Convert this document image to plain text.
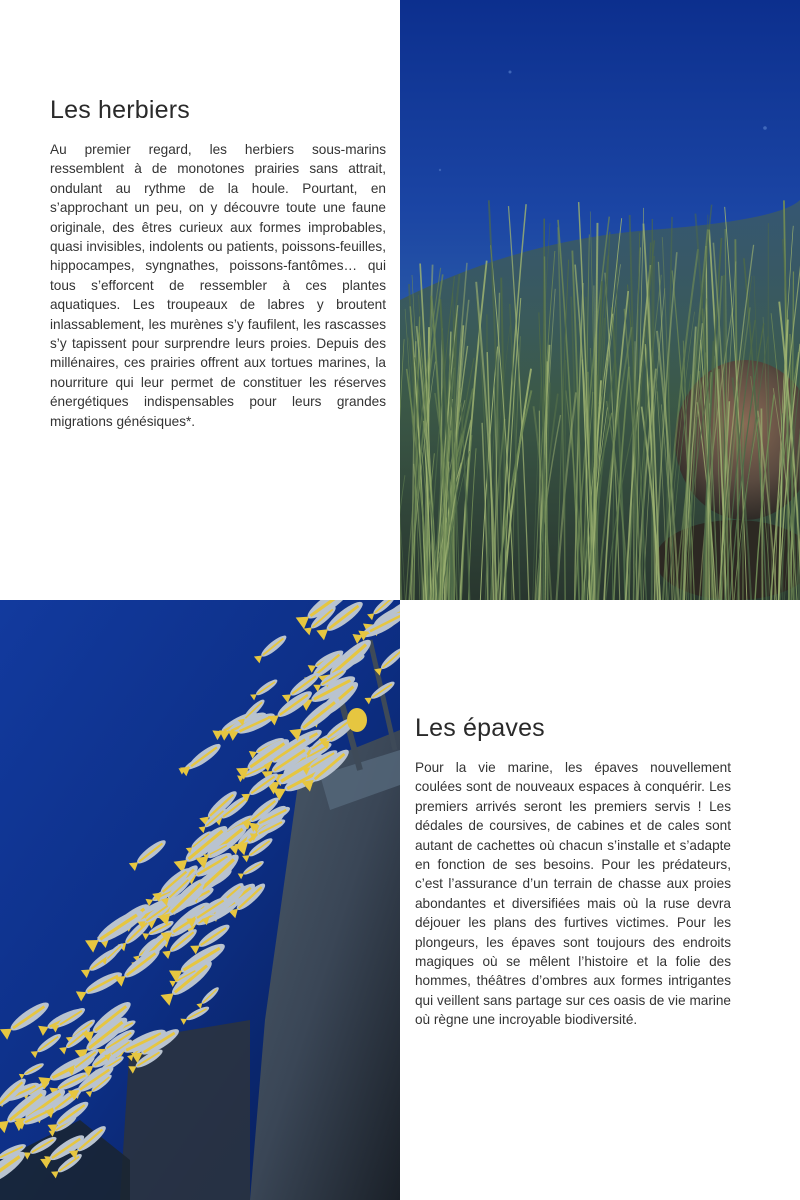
Les herbiers

Au premier regard, les herbiers sous-marins ressemblent à de monotones prairies sans attrait, ondulant au rythme de la houle. Pourtant, en s’approchant un peu, on y découvre toute une faune originale, des êtres curieux aux formes improbables, quasi invisibles, indolents ou patients, poissons-feuilles, hippocampes, syngnathes, poissons-fantômes… qui tous s’efforcent de ressembler à ces plantes aquatiques. Les troupeaux de labres y broutent inlassablement, les murènes s’y faufilent, les rascasses s’y tapissent pour surprendre leurs proies. Depuis des millénaires, ces prairies offrent aux tortues marines, la nourriture qui leur permet de constituer les réserves énergétiques indispensables pour leurs grandes migrations génésiques*.

Les épaves

Pour la vie marine, les épaves nouvellement coulées sont de nouveaux espaces à conquérir. Les premiers arrivés seront les premiers servis ! Les dédales de coursives, de cabines et de cales sont autant de cachettes où chacun s’installe et s’adapte en fonction de ses besoins. Pour les prédateurs, c’est l’assurance d’un terrain de chasse aux proies abondantes et diversifiées mais où la ruse devra déjouer les plans des furtives victimes. Pour les plongeurs, les épaves sont toujours des endroits magiques où se mêlent l’histoire et la folie des hommes, théâtres d’ombres aux formes intrigantes qui veillent sans partage sur ces oasis de vie marine où règne une incroyable biodiversité.
